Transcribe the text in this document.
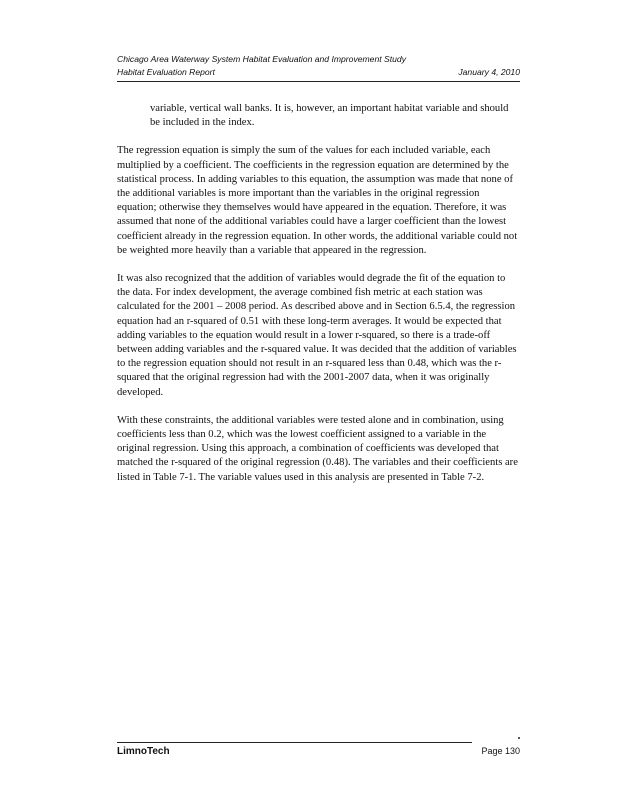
Chicago Area Waterway System Habitat Evaluation and Improvement Study
Habitat Evaluation Report	January 4, 2010

variable, vertical wall banks. It is, however, an important habitat variable and should be included in the index.

The regression equation is simply the sum of the values for each included variable, each multiplied by a coefficient. The coefficients in the regression equation are determined by the statistical process. In adding variables to this equation, the assumption was made that none of the additional variables is more important than the variables in the original regression equation; otherwise they themselves would have appeared in the equation. Therefore, it was assumed that none of the additional variables could have a larger coefficient than the lowest coefficient already in the regression equation. In other words, the additional variable could not be weighted more heavily than a variable that appeared in the regression.

It was also recognized that the addition of variables would degrade the fit of the equation to the data. For index development, the average combined fish metric at each station was calculated for the 2001 – 2008 period. As described above and in Section 6.5.4, the regression equation had an r-squared of 0.51 with these long-term averages. It would be expected that adding variables to the equation would result in a lower r-squared, so there is a trade-off between adding variables and the r-squared value. It was decided that the addition of variables to the regression equation should not result in an r-squared less than 0.48, which was the r-squared that the original regression had with the 2001-2007 data, when it was originally developed.

With these constraints, the additional variables were tested alone and in combination, using coefficients less than 0.2, which was the lowest coefficient assigned to a variable in the original regression. Using this approach, a combination of coefficients was developed that matched the r-squared of the original regression (0.48). The variables and their coefficients are listed in Table 7-1. The variable values used in this analysis are presented in Table 7-2.

LimnoTech	Page 130
